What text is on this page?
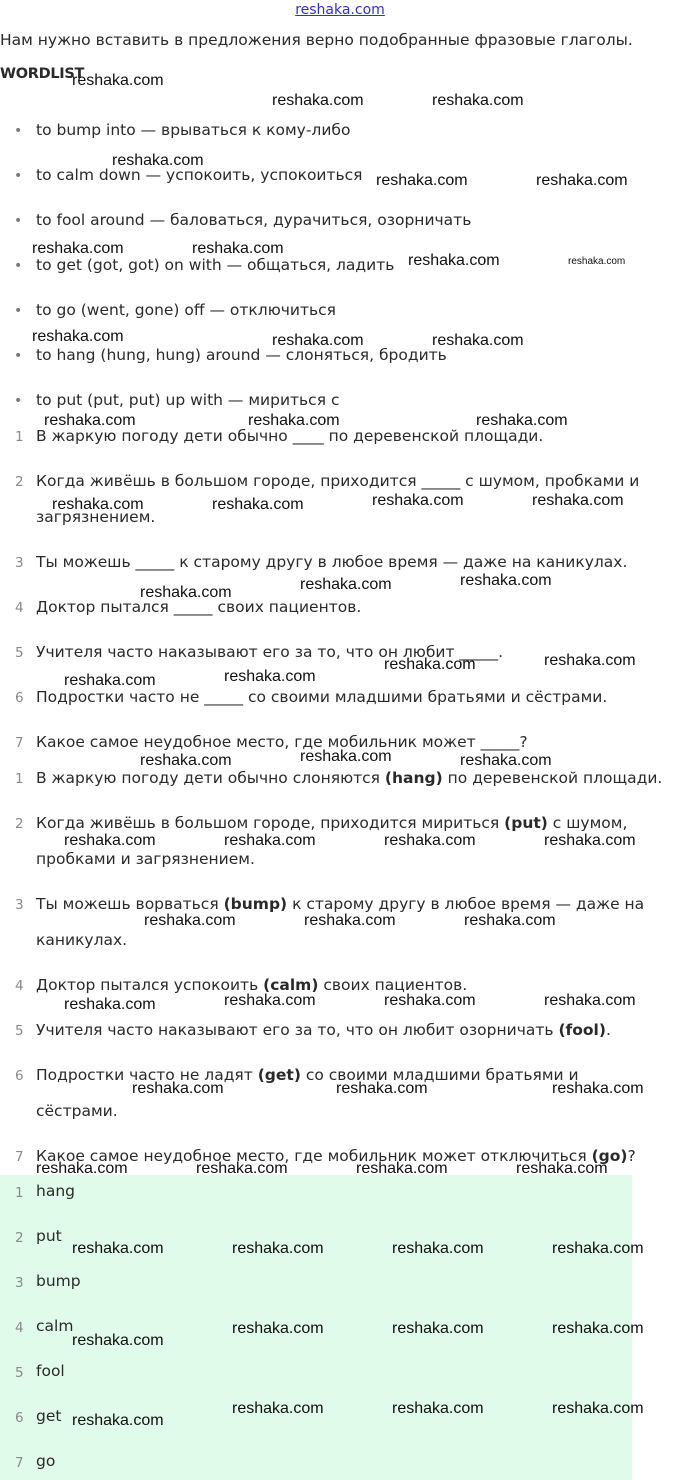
reshaka.com
Нам нужно вставить в предложения верно подобранные фразовые глаголы.
WORDLIST
• to bump into — врываться к кому-либо
• to calm down — успокоить, успокоиться
• to fool around — баловаться, дурачиться, озорничать
• to get (got, got) on with — общаться, ладить
• to go (went, gone) off — отключиться
• to hang (hung, hung) around — слоняться, бродить
• to put (put, put) up with — мириться с
1 В жаркую погоду дети обычно ____ по деревенской площади.
2 Когда живёшь в большом городе, приходится _____ с шумом, пробками и загрязнением.
3 Ты можешь _____ к старому другу в любое время — даже на каникулах.
4 Доктор пытался _____ своих пациентов.
5 Учителя часто наказывают его за то, что он любит _____.
6 Подростки часто не _____ со своими младшими братьями и сёстрами.
7 Какое самое неудобное место, где мобильник может _____?
1 В жаркую погоду дети обычно слоняются (hang) по деревенской площади.
2 Когда живёшь в большом городе, приходится мириться (put) с шумом, пробками и загрязнением.
3 Ты можешь ворваться (bump) к старому другу в любое время — даже на каникулах.
4 Доктор пытался успокоить (calm) своих пациентов.
5 Учителя часто наказывают его за то, что он любит озорничать (fool).
6 Подростки часто не ладят (get) со своими младшими братьями и сёстрами.
7 Какое самое неудобное место, где мобильник может отключиться (go)?
1 hang
2 put
3 bump
4 calm
5 fool
6 get
7 go
reshaka.com
reshaka.com	reshaka.com
reshaka.com
reshaka.com	reshaka.com
reshaka.com	reshaka.com
reshaka.com	reshaka.com
reshaka.com	reshaka.com	reshaka.com
reshaka.com	reshaka.com	reshaka.com
reshaka.com	reshaka.com	reshaka.com	reshaka.com
reshaka.com	reshaka.com	reshaka.com
reshaka.com	reshaka.com
reshaka.com	reshaka.com
reshaka.com	reshaka.com	reshaka.com
reshaka.com	reshaka.com	reshaka.com	reshaka.com
reshaka.com	reshaka.com	reshaka.com
reshaka.com	reshaka.com	reshaka.com	reshaka.com
reshaka.com	reshaka.com	reshaka.com
reshaka.com	reshaka.com	reshaka.com	reshaka.com
reshaka.com	reshaka.com	reshaka.com	reshaka.com
reshaka.com
reshaka.com	reshaka.com	reshaka.com
reshaka.com
reshaka.com	reshaka.com	reshaka.com
